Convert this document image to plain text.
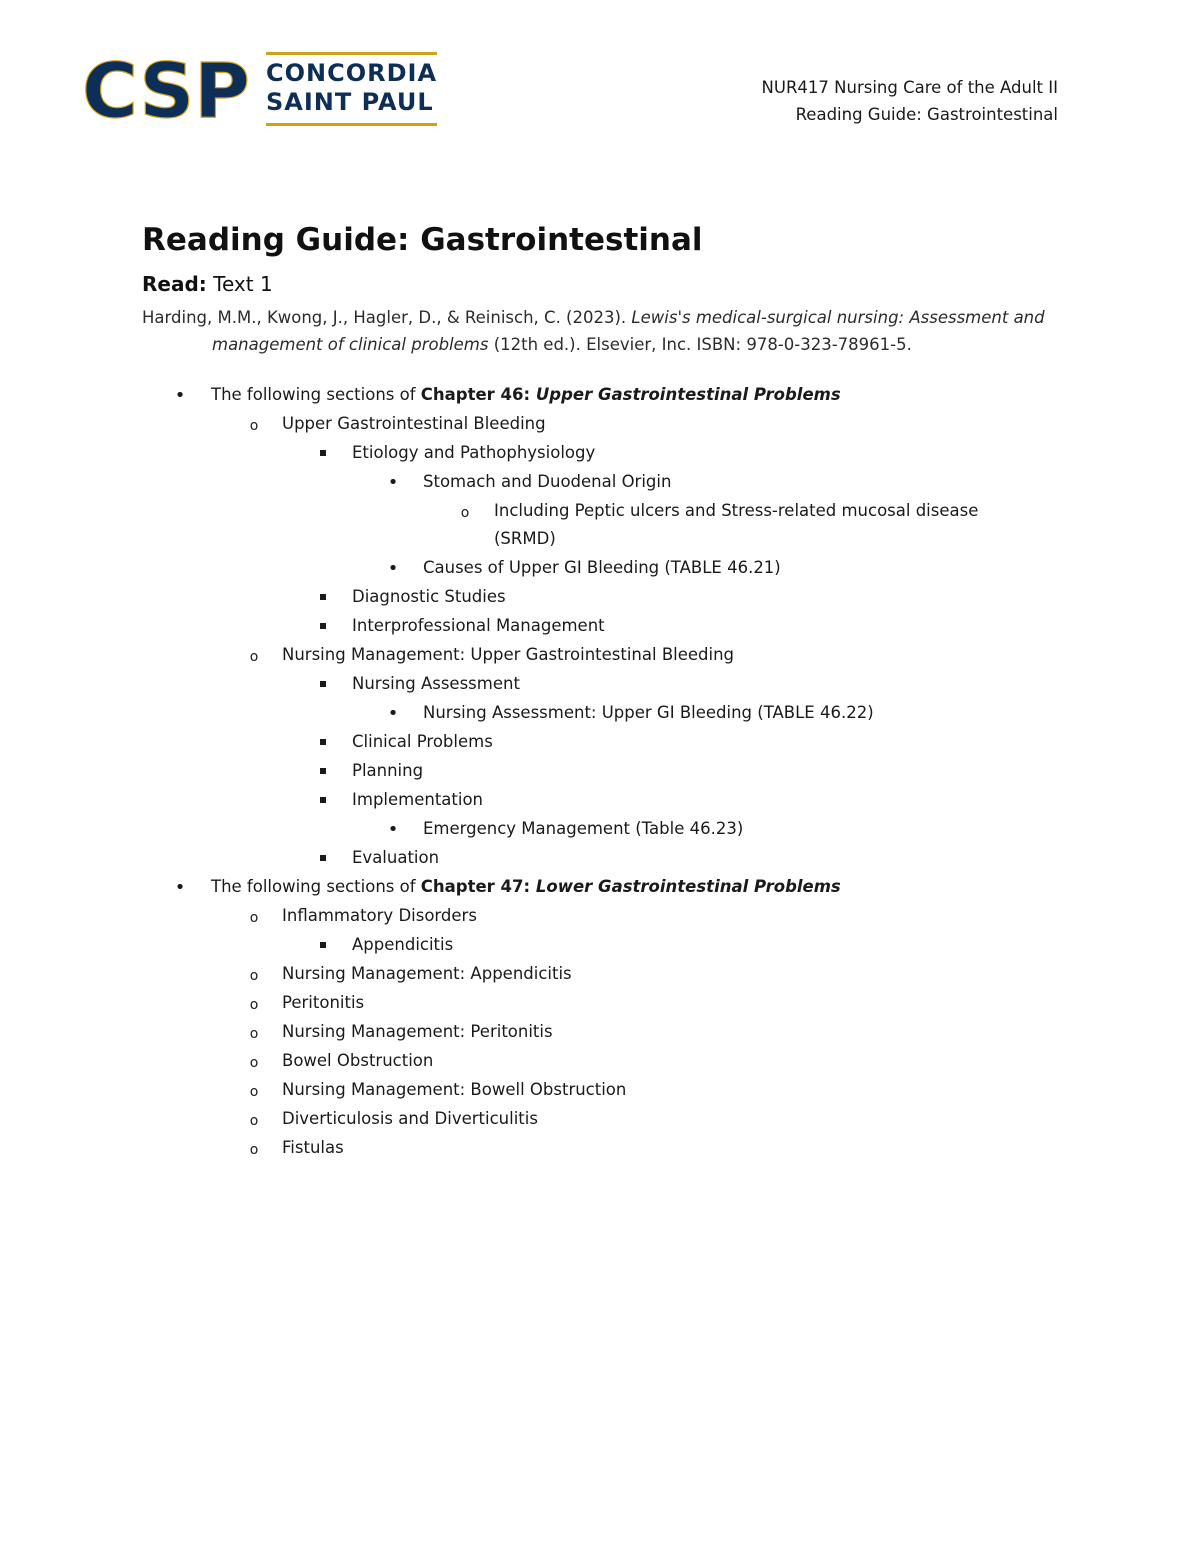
CSP CONCORDIA
SAINT PAUL
NUR417 Nursing Care of the Adult II
Reading Guide: Gastrointestinal
Reading Guide: Gastrointestinal
Read: Text 1
Harding, M.M., Kwong, J., Hagler, D., & Reinisch, C. (2023). Lewis's medical-surgical nursing: Assessment and management of clinical problems (12th ed.). Elsevier, Inc. ISBN: 978-0-323-78961-5.
•
The following sections of Chapter 46: Upper Gastrointestinal Problems
o
Upper Gastrointestinal Bleeding
Etiology and Pathophysiology
•
Stomach and Duodenal Origin
o
Including Peptic ulcers and Stress-related mucosal disease (SRMD)
•
Causes of Upper GI Bleeding (TABLE 46.21)
Diagnostic Studies
Interprofessional Management
o
Nursing Management: Upper Gastrointestinal Bleeding
Nursing Assessment
•
Nursing Assessment: Upper GI Bleeding (TABLE 46.22)
Clinical Problems
Planning
Implementation
•
Emergency Management (Table 46.23)
Evaluation
•
The following sections of Chapter 47: Lower Gastrointestinal Problems
o
Inflammatory Disorders
Appendicitis
o
Nursing Management: Appendicitis
o
Peritonitis
o
Nursing Management: Peritonitis
o
Bowel Obstruction
o
Nursing Management: Bowell Obstruction
o
Diverticulosis and Diverticulitis
o
Fistulas
